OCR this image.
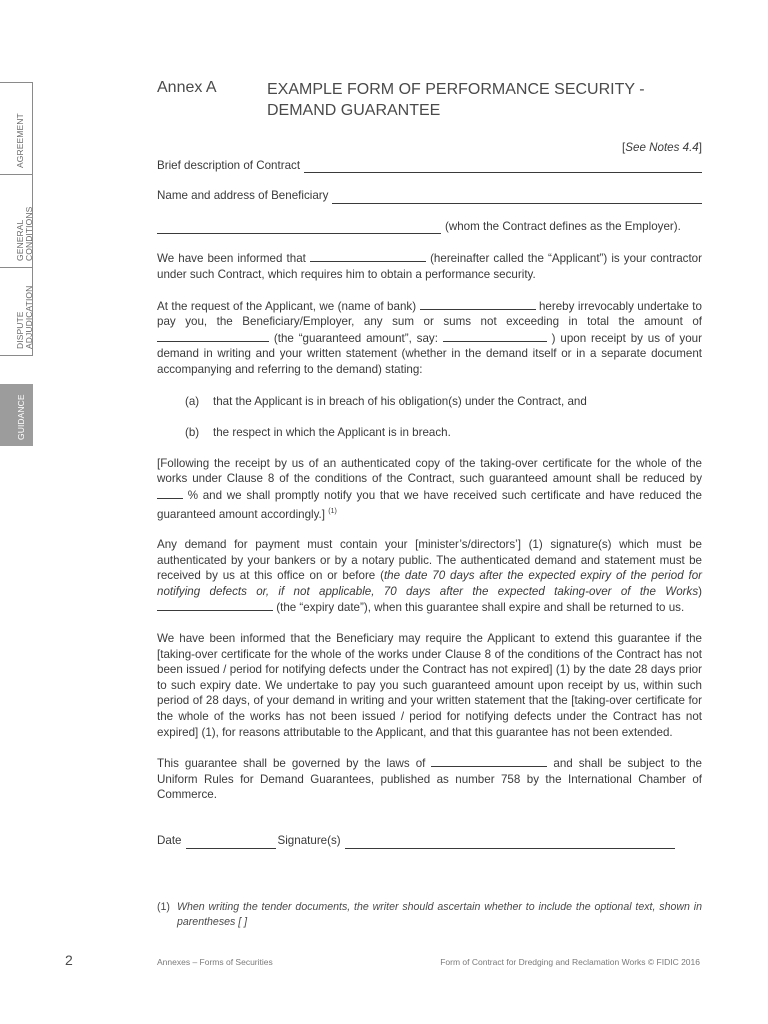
AGREEMENT
GENERAL
CONDITIONS
DISPUTE
ADJUDICATION
GUIDANCE
Annex A	EXAMPLE FORM OF PERFORMANCE SECURITY - DEMAND GUARANTEE

[See Notes 4.4]

Brief description of Contract
Name and address of Beneficiary
(whom the Contract defines as the Employer).

We have been informed that	(hereinafter called the “Applicant”) is your contractor under such Contract, which requires him to obtain a performance security.

At the request of the Applicant, we (name of bank)	hereby irrevocably undertake to pay you, the Beneficiary/Employer, any sum or sums not exceeding in total the amount of  (the “guaranteed amount”, say:	) upon receipt by us of your demand in writing and your written statement (whether in the demand itself or in a separate document accompanying and referring to the demand) stating:

(a) that the Applicant is in breach of his obligation(s) under the Contract, and

(b) the respect in which the Applicant is in breach.

[Following the receipt by us of an authenticated copy of the taking-over certificate for the whole of the works under Clause 8 of the conditions of the Contract, such guaranteed amount shall be reduced by  % and we shall promptly notify you that we have received such certificate and have reduced the guaranteed amount accordingly.] $^{(1)}$

Any demand for payment must contain your [minister’s/directors’] (1) signature(s) which must be authenticated by your bankers or by a notary public. The authenticated demand and statement must be received by us at this office on or before (the date 70 days after the expected expiry of the period for notifying defects or, if not applicable, 70 days after the expected taking-over of the Works)  (the “expiry date”), when this guarantee shall expire and shall be returned to us.

We have been informed that the Beneficiary may require the Applicant to extend this guarantee if the [taking-over certificate for the whole of the works under Clause 8 of the conditions of the Contract has not been issued / period for notifying defects under the Contract has not expired] (1) by the date 28 days prior to such expiry date. We undertake to pay you such guaranteed amount upon receipt by us, within such period of 28 days, of your demand in writing and your written statement that the [taking-over certificate for the whole of the works has not been issued / period for notifying defects under the Contract has not expired] (1), for reasons attributable to the Applicant, and that this guarantee has not been extended.

This guarantee shall be governed by the laws of	and shall be subject to the Uniform Rules for Demand Guarantees, published as number 758 by the International Chamber of Commerce.

Date	Signature(s)
(1) When writing the tender documents, the writer should ascertain whether to include the optional text, shown in parentheses [ ]
2	Annexes – Forms of Securities	Form of Contract for Dredging and Reclamation Works © FIDIC 2016
